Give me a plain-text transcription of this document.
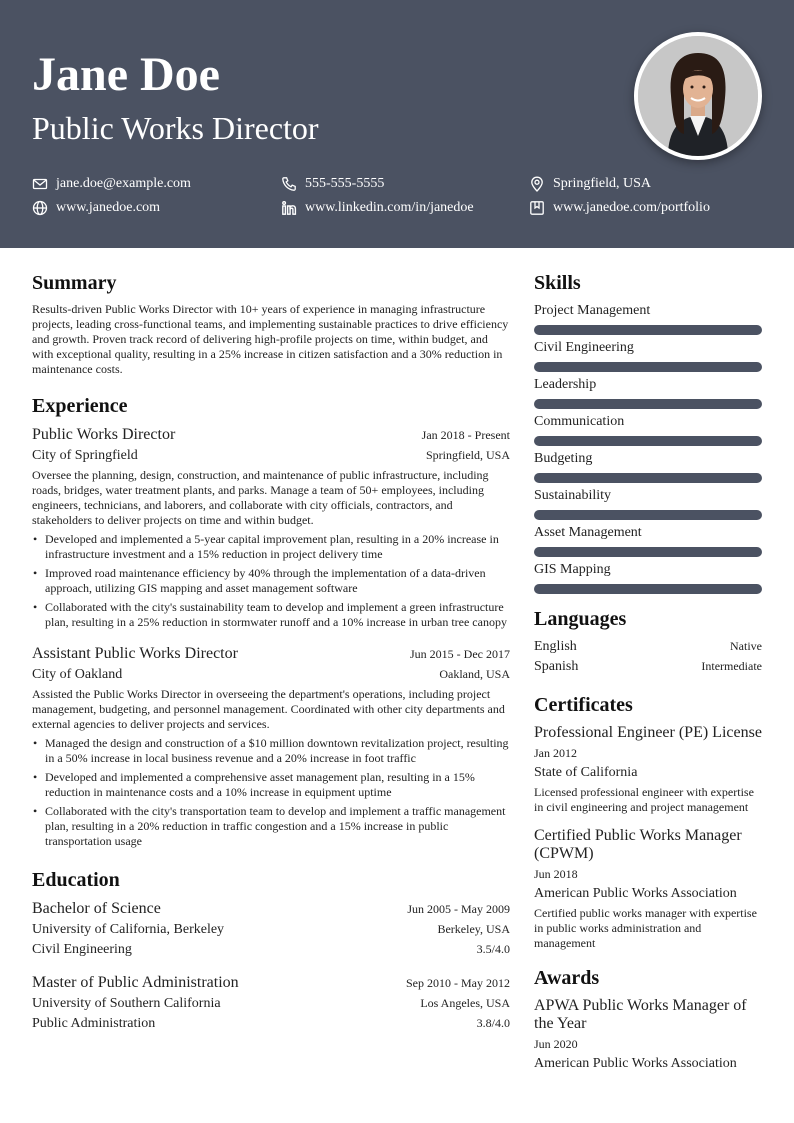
Jane Doe
Public Works Director
jane.doe@example.com	555-555-5555	Springfield, USA
www.janedoe.com	www.linkedin.com/in/janedoe	www.janedoe.com/portfolio
Summary

Results-driven Public Works Director with 10+ years of experience in managing infrastructure projects, leading cross-functional teams, and implementing sustainable practices to drive efficiency and growth. Proven track record of delivering high-profile projects on time, within budget, and with exceptional quality, resulting in a 25% increase in citizen satisfaction and a 30% reduction in maintenance costs.

Experience
Public Works Director	Jan 2018 - Present
City of Springfield	Springfield, USA

Oversee the planning, design, construction, and maintenance of public infrastructure, including roads, bridges, water treatment plants, and parks. Manage a team of 50+ employees, including engineers, technicians, and laborers, and collaborate with city officials, contractors, and stakeholders to deliver projects on time and within budget.

• Developed and implemented a 5-year capital improvement plan, resulting in a 20% increase in infrastructure investment and a 15% reduction in project delivery time
• Improved road maintenance efficiency by 40% through the implementation of a data-driven approach, utilizing GIS mapping and asset management software
• Collaborated with the city's sustainability team to develop and implement a green infrastructure plan, resulting in a 25% reduction in stormwater runoff and a 10% increase in urban tree canopy
Assistant Public Works Director	Jun 2015 - Dec 2017
City of Oakland	Oakland, USA

Assisted the Public Works Director in overseeing the department's operations, including project management, budgeting, and personnel management. Coordinated with other city departments and external agencies to deliver projects and services.

• Managed the design and construction of a $10 million downtown revitalization project, resulting in a 50% increase in local business revenue and a 20% increase in foot traffic
• Developed and implemented a comprehensive asset management plan, resulting in a 15% reduction in maintenance costs and a 10% increase in equipment uptime
• Collaborated with the city's transportation team to develop and implement a traffic management plan, resulting in a 20% reduction in traffic congestion and a 15% increase in public transportation usage
Education
Bachelor of Science	Jun 2005 - May 2009
University of California, Berkeley	Berkeley, USA
Civil Engineering	3.5/4.0
Master of Public Administration	Sep 2010 - May 2012
University of Southern California	Los Angeles, USA
Public Administration	3.8/4.0
Skills
Project Management
Civil Engineering
Leadership
Communication
Budgeting
Sustainability
Asset Management
GIS Mapping
Languages
English	Native
Spanish	Intermediate
Certificates
Professional Engineer (PE) License
Jan 2012
State of California

Licensed professional engineer with expertise in civil engineering and project management

Certified Public Works Manager (CPWM)
Jun 2018
American Public Works Association

Certified public works manager with expertise in public works administration and management

Awards
APWA Public Works Manager of the Year
Jun 2020
American Public Works Association
